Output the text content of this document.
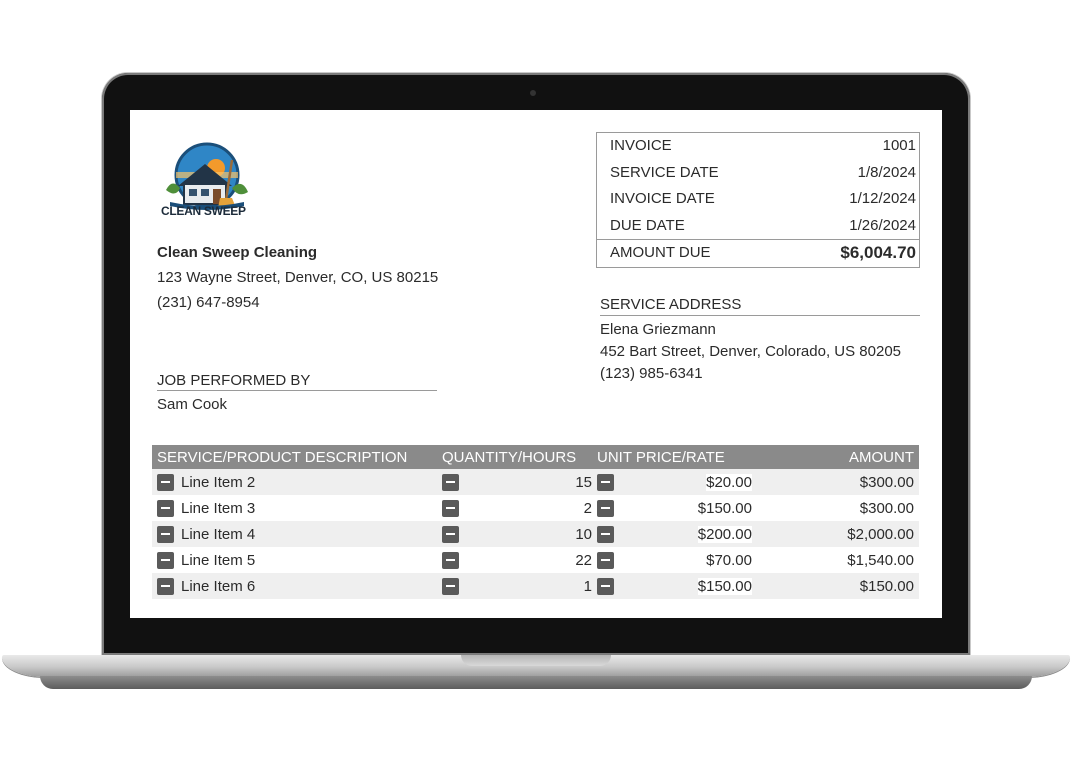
CLEAN SWEEP
Clean Sweep Cleaning
123 Wayne Street, Denver, CO, US 80215
(231) 647-8954
JOB PERFORMED BY
Sam Cook
INVOICE	1001
SERVICE DATE	1/8/2024
INVOICE DATE	1/12/2024
DUE DATE	1/26/2024
AMOUNT DUE	$6,004.70
SERVICE ADDRESS
Elena Griezmann
452 Bart Street, Denver, Colorado, US 80205
(123) 985-6341
SERVICE/PRODUCT DESCRIPTION	QUANTITY/HOURS	UNIT PRICE/RATE	AMOUNT
Line Item 2	15	$20.00	$300.00
Line Item 3	2	$150.00	$300.00
Line Item 4	10	$200.00	$2,000.00
Line Item 5	22	$70.00	$1,540.00
Line Item 6	1	$150.00	$150.00
